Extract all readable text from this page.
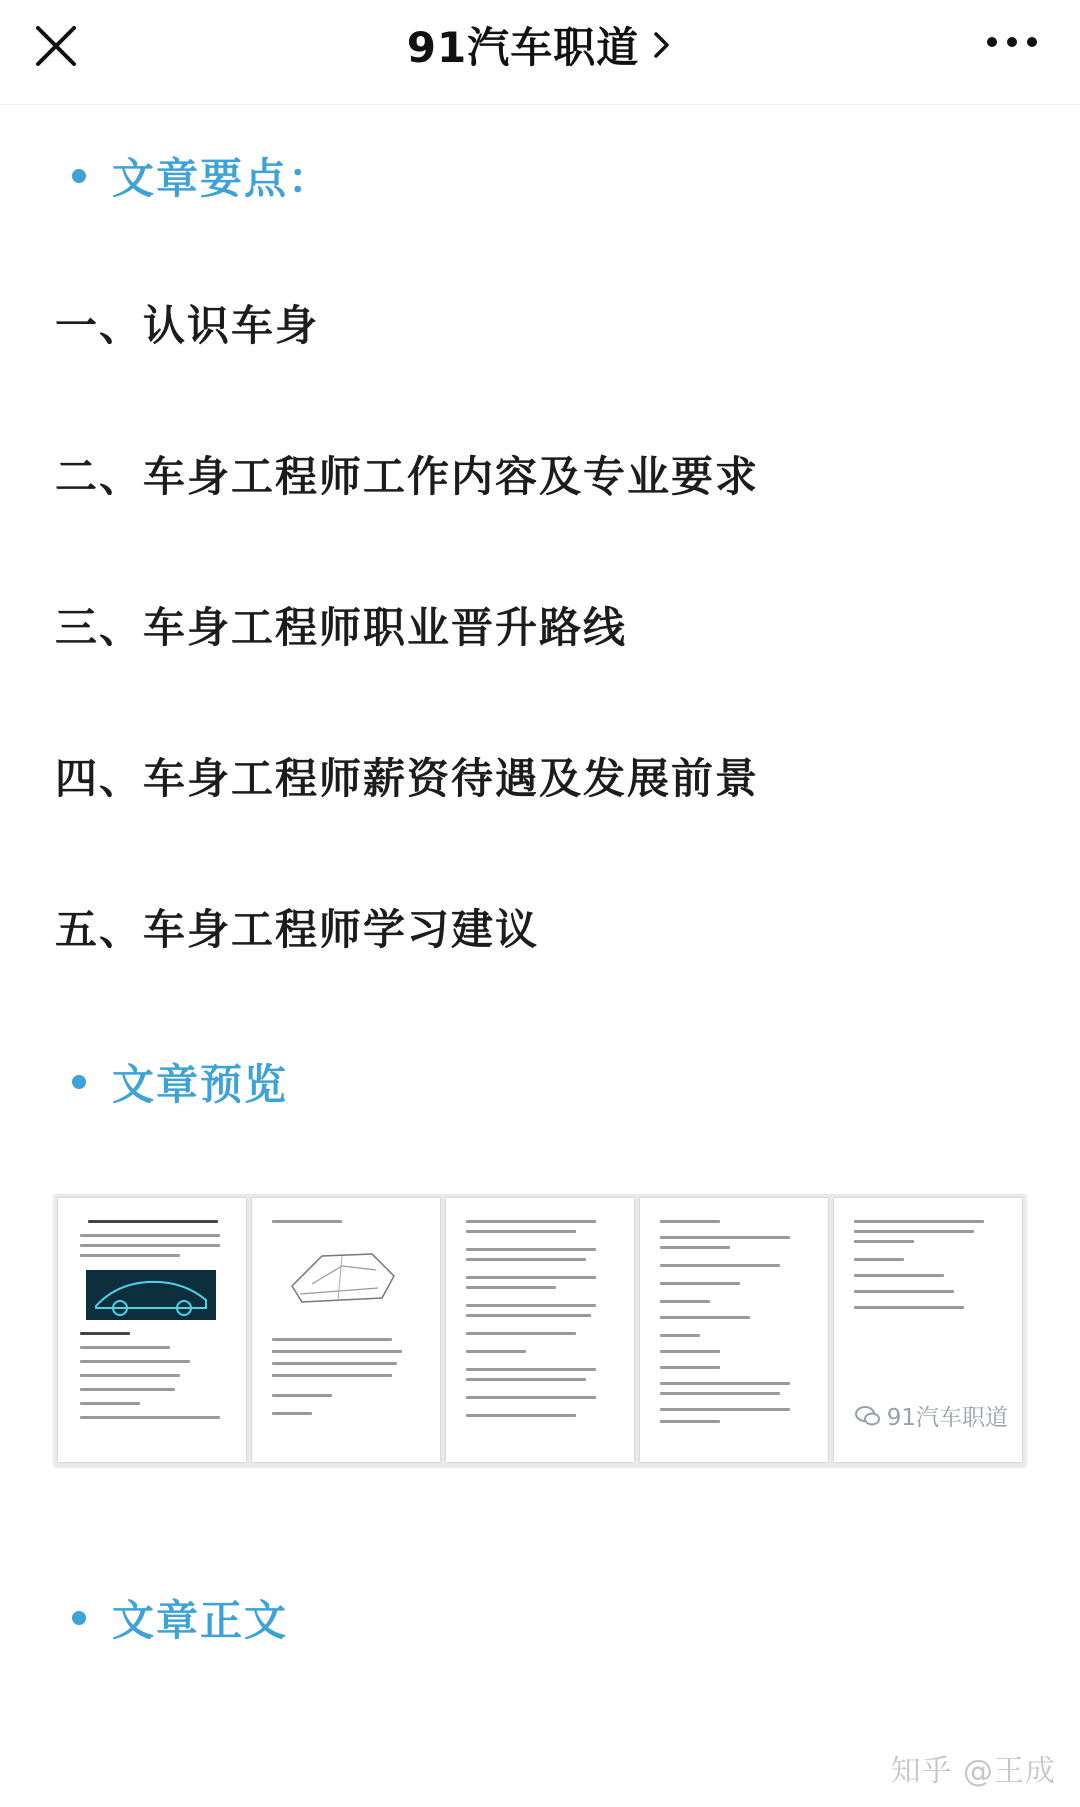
91汽车职道
文章要点：
一、认识车身
二、车身工程师工作内容及专业要求
三、车身工程师职业晋升路线
四、车身工程师薪资待遇及发展前景
五、车身工程师学习建议
文章预览
91汽车职道
文章正文
知乎 @王成
